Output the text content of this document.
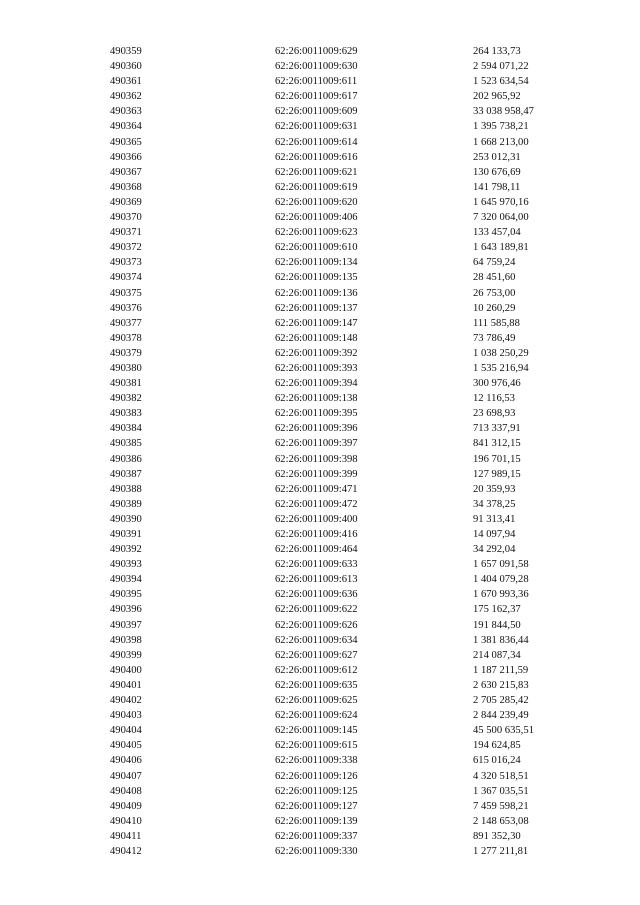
490359	62:26:0011009:629	264 133,73
490360	62:26:0011009:630	2 594 071,22
490361	62:26:0011009:611	1 523 634,54
490362	62:26:0011009:617	202 965,92
490363	62:26:0011009:609	33 038 958,47
490364	62:26:0011009:631	1 395 738,21
490365	62:26:0011009:614	1 668 213,00
490366	62:26:0011009:616	253 012,31
490367	62:26:0011009:621	130 676,69
490368	62:26:0011009:619	141 798,11
490369	62:26:0011009:620	1 645 970,16
490370	62:26:0011009:406	7 320 064,00
490371	62:26:0011009:623	133 457,04
490372	62:26:0011009:610	1 643 189,81
490373	62:26:0011009:134	64 759,24
490374	62:26:0011009:135	28 451,60
490375	62:26:0011009:136	26 753,00
490376	62:26:0011009:137	10 260,29
490377	62:26:0011009:147	111 585,88
490378	62:26:0011009:148	73 786,49
490379	62:26:0011009:392	1 038 250,29
490380	62:26:0011009:393	1 535 216,94
490381	62:26:0011009:394	300 976,46
490382	62:26:0011009:138	12 116,53
490383	62:26:0011009:395	23 698,93
490384	62:26:0011009:396	713 337,91
490385	62:26:0011009:397	841 312,15
490386	62:26:0011009:398	196 701,15
490387	62:26:0011009:399	127 989,15
490388	62:26:0011009:471	20 359,93
490389	62:26:0011009:472	34 378,25
490390	62:26:0011009:400	91 313,41
490391	62:26:0011009:416	14 097,94
490392	62:26:0011009:464	34 292,04
490393	62:26:0011009:633	1 657 091,58
490394	62:26:0011009:613	1 404 079,28
490395	62:26:0011009:636	1 670 993,36
490396	62:26:0011009:622	175 162,37
490397	62:26:0011009:626	191 844,50
490398	62:26:0011009:634	1 381 836,44
490399	62:26:0011009:627	214 087,34
490400	62:26:0011009:612	1 187 211,59
490401	62:26:0011009:635	2 630 215,83
490402	62:26:0011009:625	2 705 285,42
490403	62:26:0011009:624	2 844 239,49
490404	62:26:0011009:145	45 500 635,51
490405	62:26:0011009:615	194 624,85
490406	62:26:0011009:338	615 016,24
490407	62:26:0011009:126	4 320 518,51
490408	62:26:0011009:125	1 367 035,51
490409	62:26:0011009:127	7 459 598,21
490410	62:26:0011009:139	2 148 653,08
490411	62:26:0011009:337	891 352,30
490412	62:26:0011009:330	1 277 211,81
